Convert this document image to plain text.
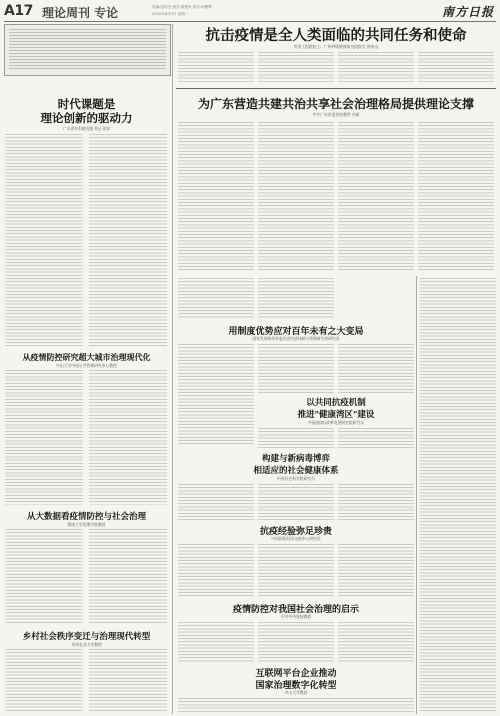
A17 理论周刊 专论	责编:屈均杰 版式:周俊凤 校对:孙俊辉
2020年6月9日 星期一	南方日报
时代课题是
理论创新的驱动力
广东省社科联党组书记 张知
从疫情防控研究超大城市治理现代化
中山大学中国公共管理研究中心教授
从大数据看疫情防控与社会治理
暨南大学管理学院教授
乡村社会秩序变迁与治理现代转型
华南农业大学教授
抗击疫情是全人类面临的共同任务和使命
中国工程院院士、广州呼吸健康研究院院长 钟南山
为广东营造共建共治共享社会治理格局提供理论支撑
中共广东省委党校教授 李斌
用制度优势应对百年未有之大变局
国家发展和改革委员会经济体制与管理研究所研究员
以共同抗疫机制
推进"健康湾区"建设
中国(海南)改革发展研究院研究员
构建与新病毒博弈
相适应的社会健康体系
中国社会科学院研究员
抗疫经验弥足珍贵
中国国际经济交流中心研究员
疫情防控对我国社会治理的启示
中共中央党校教授
互联网平台企业推动
国家治理数字化转型
中山大学教授
